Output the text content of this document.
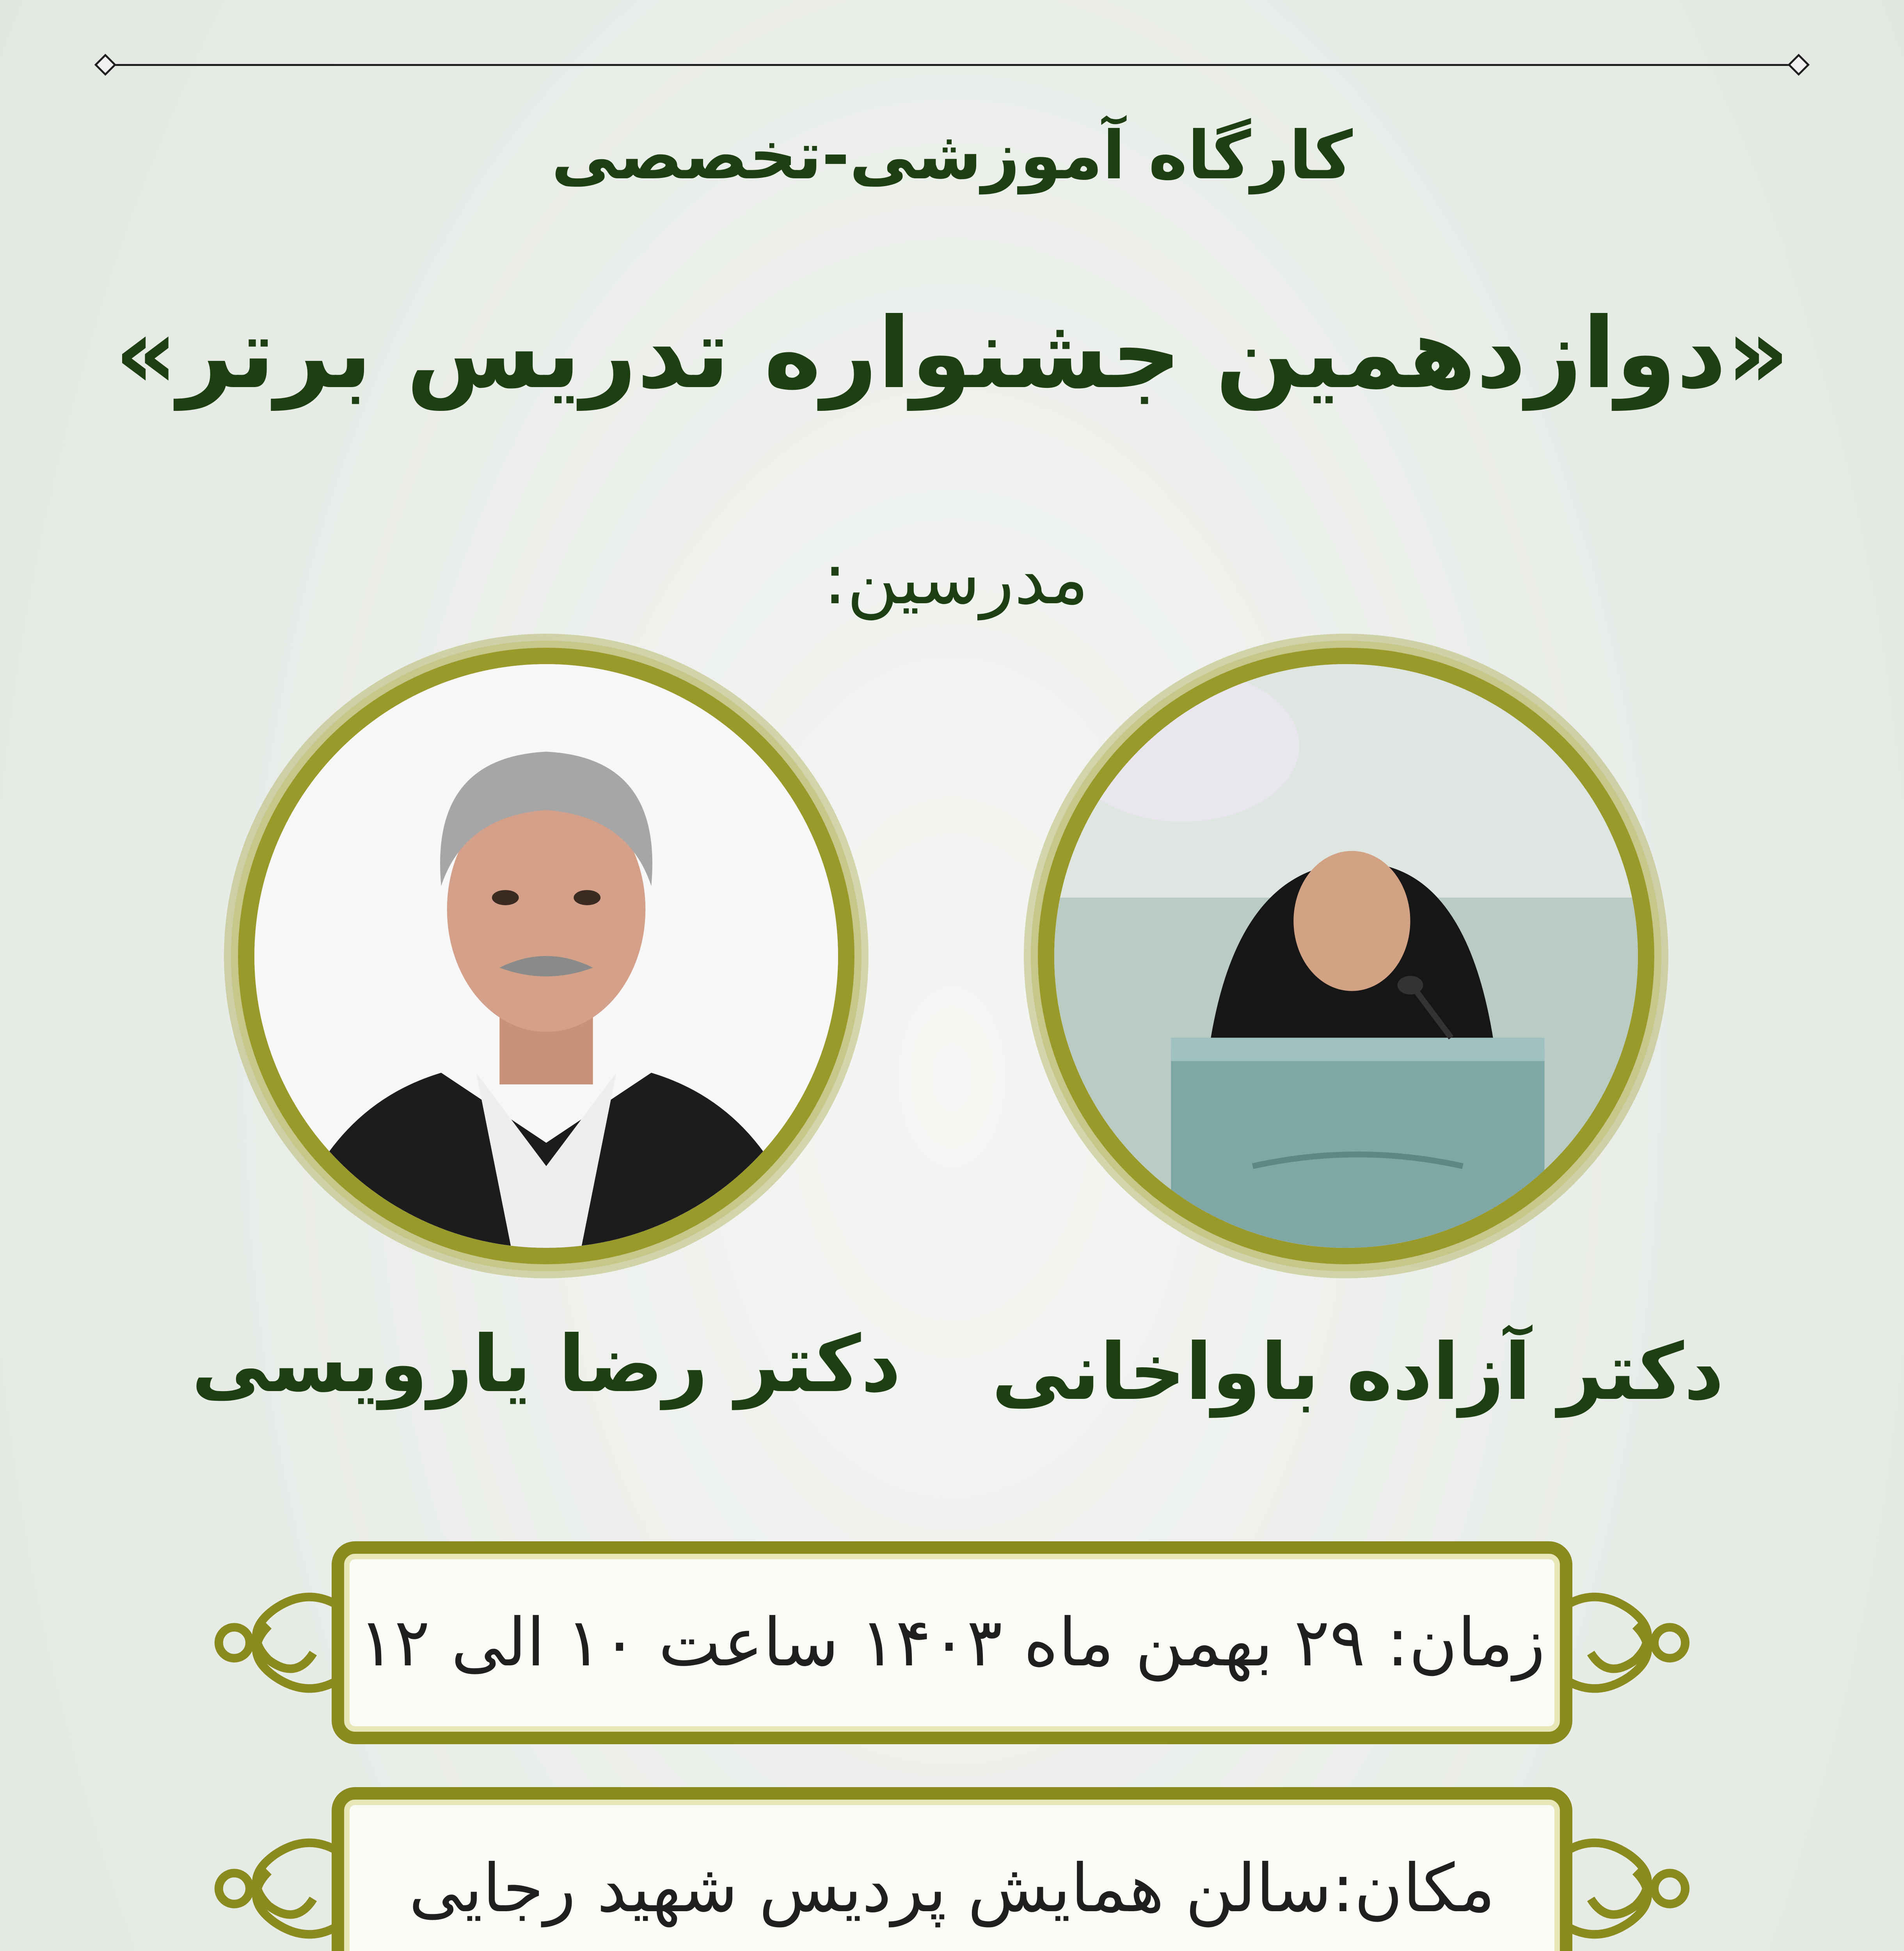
کارگاه آموزشی-تخصصی
«دوازدهمین جشنواره تدریس برتر»
مدرسین:
دکتر رضا یارویسی	دکتر آزاده باواخانی
زمان: ۲۹ بهمن ماه ۱۴۰۳ ساعت ۱۰ الی ۱۲
مکان:سالن همایش پردیس شهید رجایی
